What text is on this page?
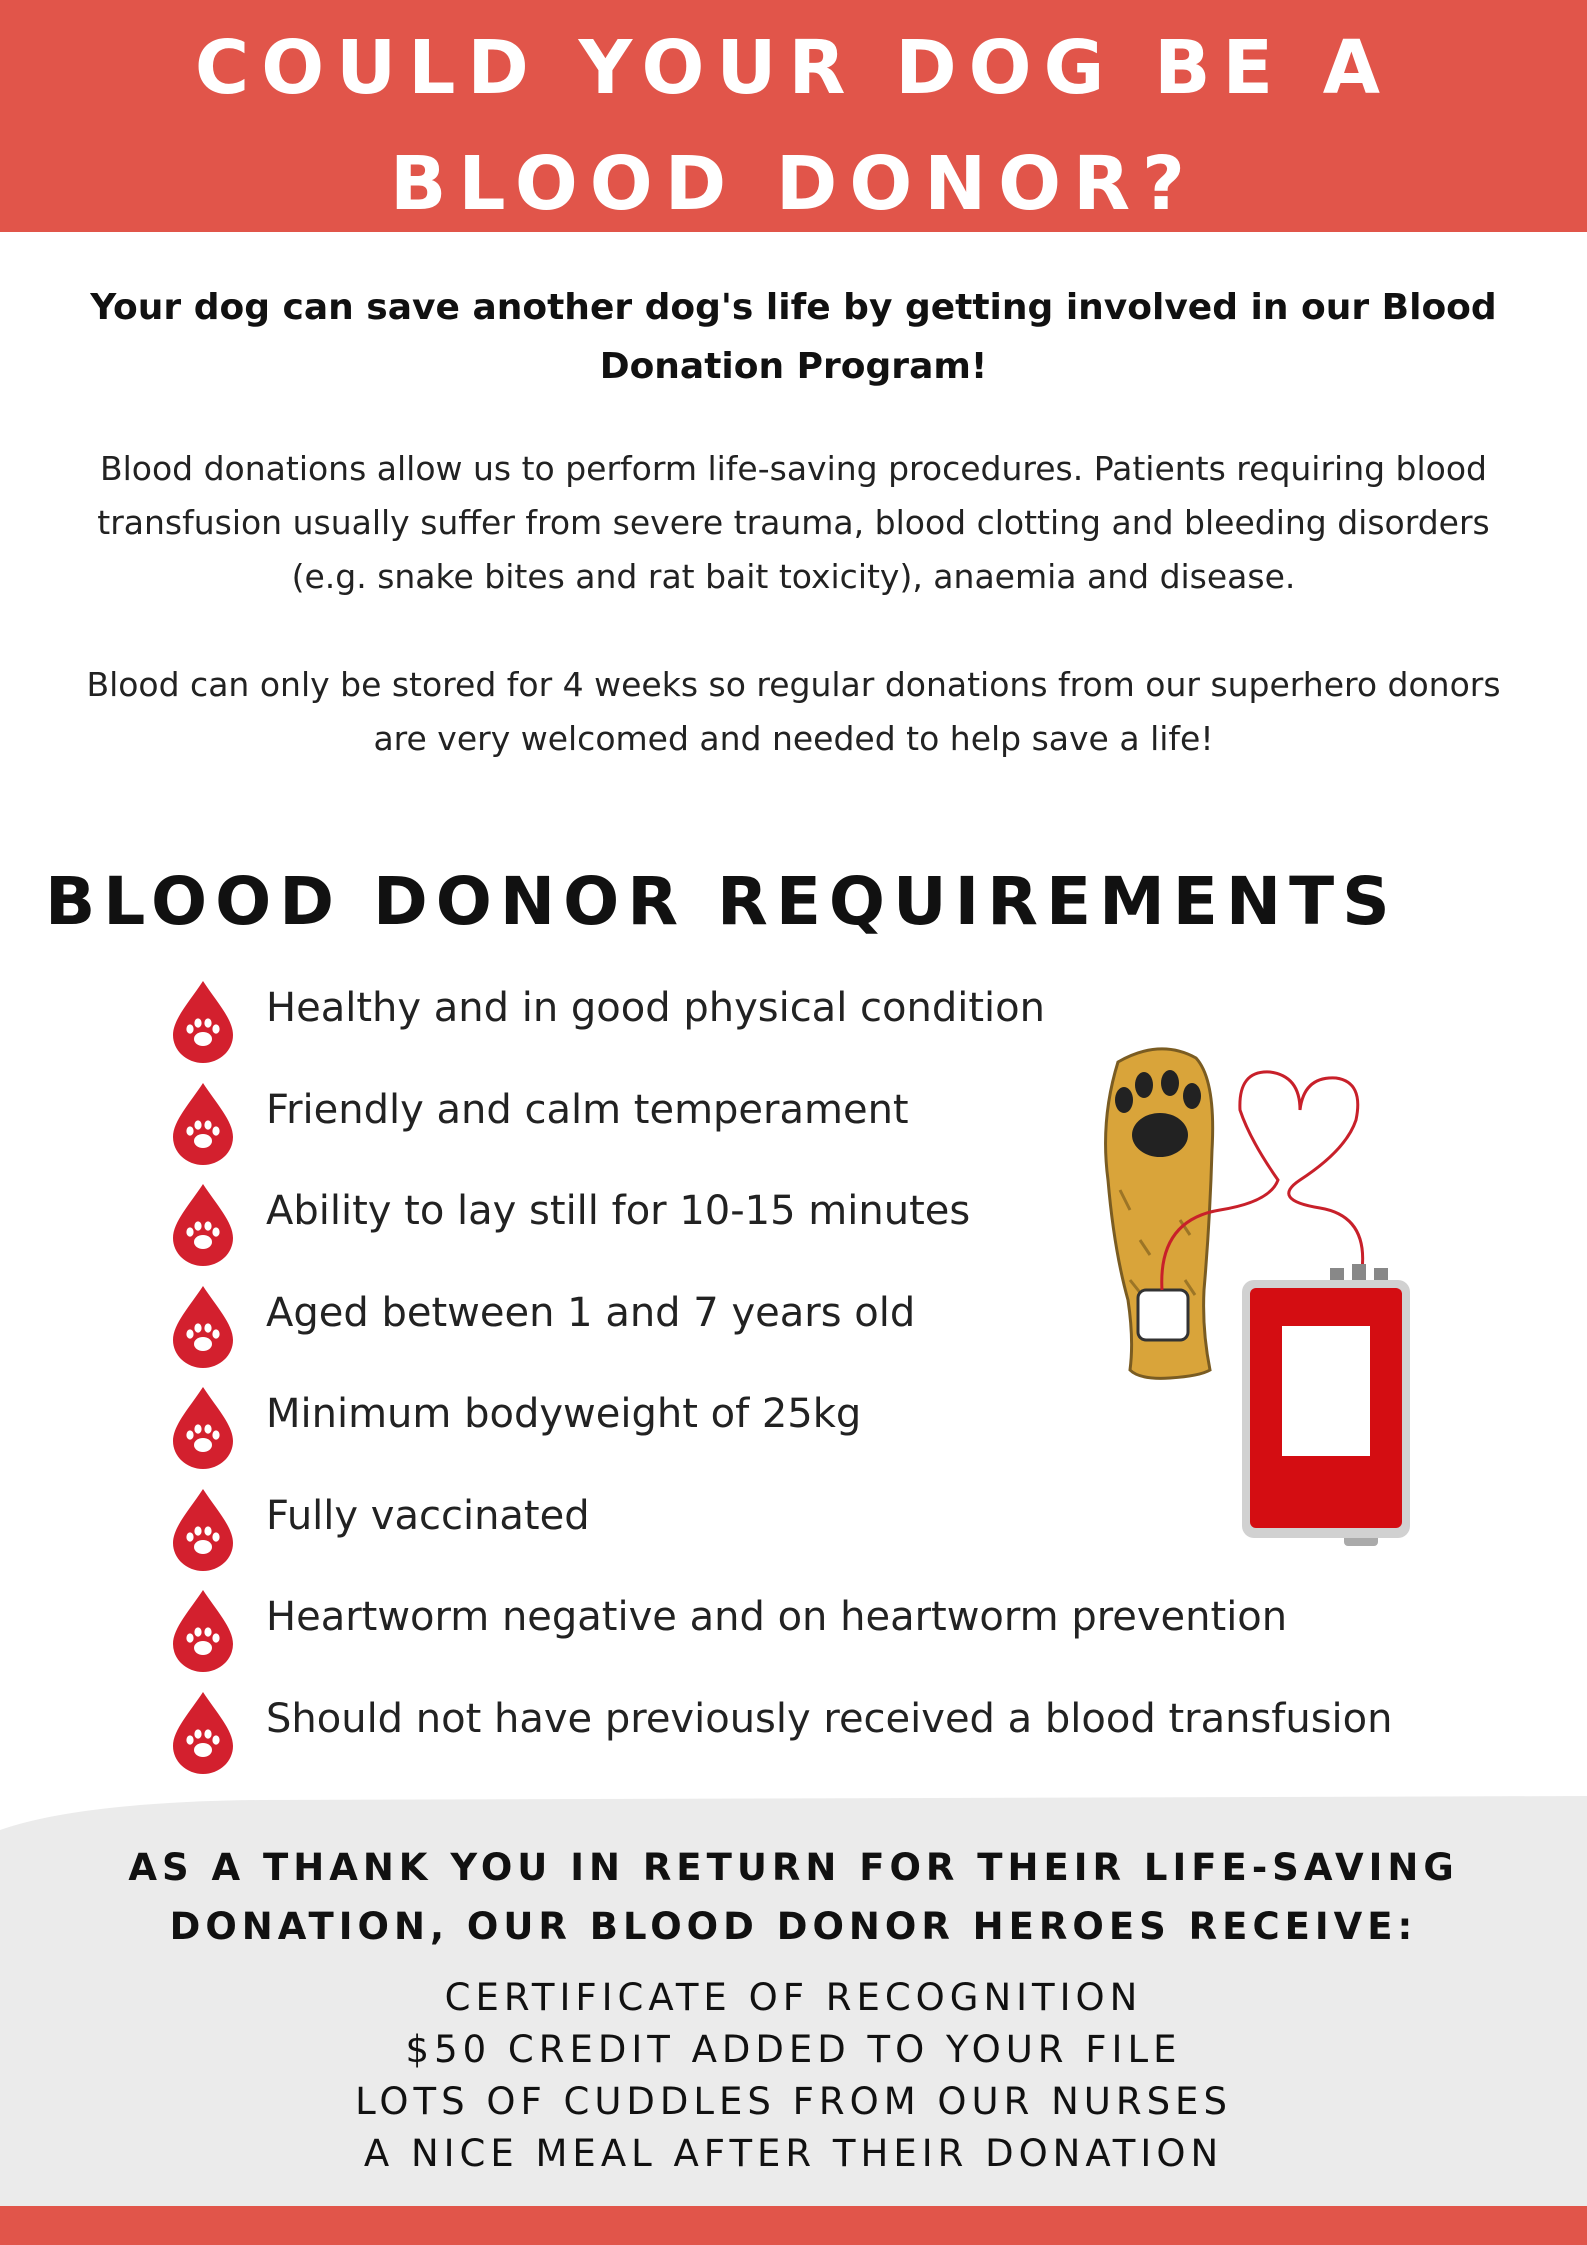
COULD YOUR DOG BE A
BLOOD DONOR?

Your dog can save another dog's life by getting involved in our Blood
Donation Program!

Blood donations allow us to perform life-saving procedures. Patients requiring blood
transfusion usually suffer from severe trauma, blood clotting and bleeding disorders
(e.g. snake bites and rat bait toxicity), anaemia and disease.

Blood can only be stored for 4 weeks so regular donations from our superhero donors
are very welcomed and needed to help save a life!

BLOOD DONOR REQUIREMENTS
Healthy and in good physical condition
Friendly and calm temperament
Ability to lay still for 10-15 minutes
Aged between 1 and 7 years old
Minimum bodyweight of 25kg
Fully vaccinated
Heartworm negative and on heartworm prevention
Should not have previously received a blood transfusion

AS A THANK YOU IN RETURN FOR THEIR LIFE-SAVING
DONATION, OUR BLOOD DONOR HEROES RECEIVE:

CERTIFICATE OF RECOGNITION
$50 CREDIT ADDED TO YOUR FILE
LOTS OF CUDDLES FROM OUR NURSES
A NICE MEAL AFTER THEIR DONATION
